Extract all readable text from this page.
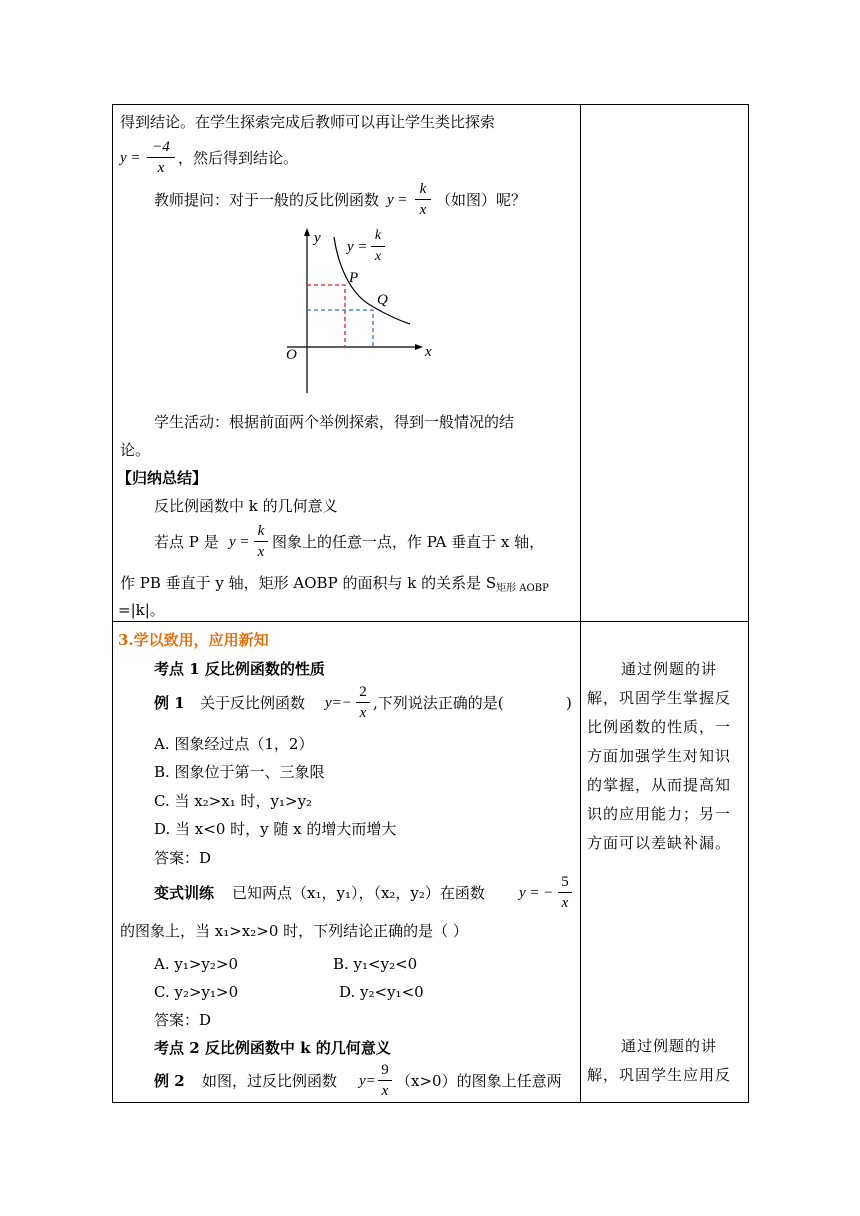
得到结论。在学生探索完成后教师可以再让学生类比探索
y =
−4
x
，然后得到结论。
教师提问：对于一般的反比例函数 y =
k
x
（如图）呢？
y
x
O
P
Q
y =
k
x
学生活动：根据前面两个举例探索，得到一般情况的结
论。
【归纳总结】
反比例函数中 k 的几何意义
若点 P 是 y =
k
x
图象上的任意一点，作 PA 垂直于 x 轴，
作 PB 垂直于 y 轴，矩形 AOBP 的面积与 k 的关系是 $S_{矩形 AOBP}$
=|k|。
3.学以致用，应用新知
考点 1 反比例函数的性质
例 1 关于反比例函数 y=−
2
x
,下列说法正确的是(	)
A. 图象经过点（1，2）
B. 图象位于第一、三象限
C. 当 x₂>x₁ 时，y₁>y₂
D. 当 x<0 时，y 随 x 的增大而增大
答案：D
变式训练 已知两点（x₁，y₁），（x₂，y₂）在函数 y = −
5
x
的图象上，当 x₁>x₂>0 时，下列结论正确的是（ ）
A. y₁>y₂>0	B. y₁<y₂<0
C. y₂>y₁>0	D. y₂<y₁<0
答案：D
考点 2 反比例函数中 k 的几何意义
例 2 如图，过反比例函数 y=
9
x
（x>0）的图象上任意两
通过例题的讲解，巩固学生掌握反比例函数的性质，一方面加强学生对知识的掌握，从而提高知识的应用能力；另一方面可以差缺补漏。
通过例题的讲解，巩固学生应用反
